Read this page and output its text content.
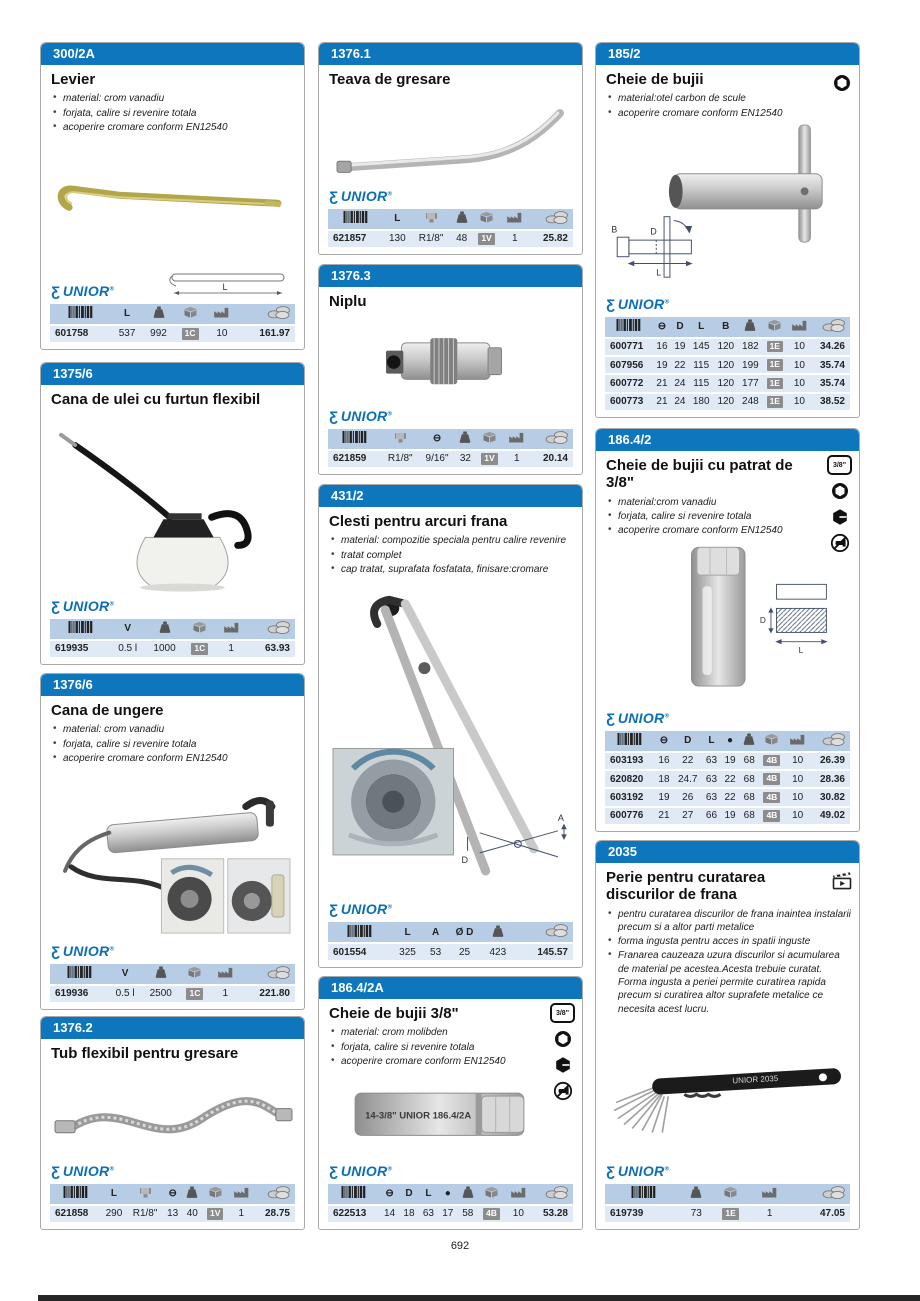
300/2A
Levier
• material: crom vanadiu
• forjata, calire si revenire totala
• acoperire cromare conform EN12540
Ʒ UNIOR®	L
	L				
601758	537	992	1C	10	161.97
1375/6
Cana de ulei cu furtun flexibil
Ʒ UNIOR®
	V				
619935	0.5 l	1000	1C	1	63.93
1376/6
Cana de ungere
• material: crom vanadiu
• forjata, calire si revenire totala
• acoperire cromare conform EN12540
Ʒ UNIOR®
	V				
619936	0.5 l	2500	1C	1	221.80
1376.2
Tub flexibil pentru gresare
Ʒ UNIOR®
	L		⊖				
621858	290	R1/8"	13	40	1V	1	28.75
1376.1
Teava de gresare
Ʒ UNIOR®
	L					
621857	130	R1/8"	48	1V	1	25.82
1376.3
Niplu
Ʒ UNIOR®
		⊖				
621859	R1/8"	9/16"	32	1V	1	20.14
431/2
Clesti pentru arcuri frana
• material: compozitie speciala pentru calire revenire
• tratat complet
• cap tratat, suprafata fosfatata, finisare:cromare
A
D
Ʒ UNIOR®
	L	A	Ø D		
601554	325	53	25	423	145.57
186.4/2A
3/8"
Cheie de bujii 3/8"
• material: crom molibden
• forjata, calire si revenire totala
• acoperire cromare conform EN12540
14-3/8" UNIOR 186.4/2A
Ʒ UNIOR®
	⊖	D	L	●				
622513	14	18	63	17	58	4B	10	53.28
185/2
Cheie de bujii
• material:otel carbon de scule
• acoperire cromare conform EN12540
B	D
L
Ʒ UNIOR®
	⊖	D	L	B				
600771	16	19	145	120	182	1E	10	34.26
607956	19	22	115	120	199	1E	10	35.74
600772	21	24	115	120	177	1E	10	35.74
600773	21	24	180	120	248	1E	10	38.52
186.4/2
3/8"
Cheie de bujii cu patrat de 3/8"
• material:crom vanadiu
• forjata, calire si revenire totala
• acoperire cromare conform EN12540
D
L
Ʒ UNIOR®
	⊖	D	L	●				
603193	16	22	63	19	68	4B	10	26.39
620820	18	24.7	63	22	68	4B	10	28.36
603192	19	26	63	22	68	4B	10	30.82
600776	21	27	66	19	68	4B	10	49.02
2035
Perie pentru curatarea discurilor de frana
• pentru curatarea discurilor de frana inaintea instalarii precum si a altor parti metalice
• forma ingusta pentru acces in spatii inguste
• Franarea cauzeaza uzura discurilor si acumularea de material pe acestea.Acesta trebuie curatat. Forma ingusta a periei permite curatirea rapida precum si curatirea altor suprafete metalice ce necesita acest lucru.
UNIOR 2035
Ʒ UNIOR®

619739	73	1E	1	47.05
692
